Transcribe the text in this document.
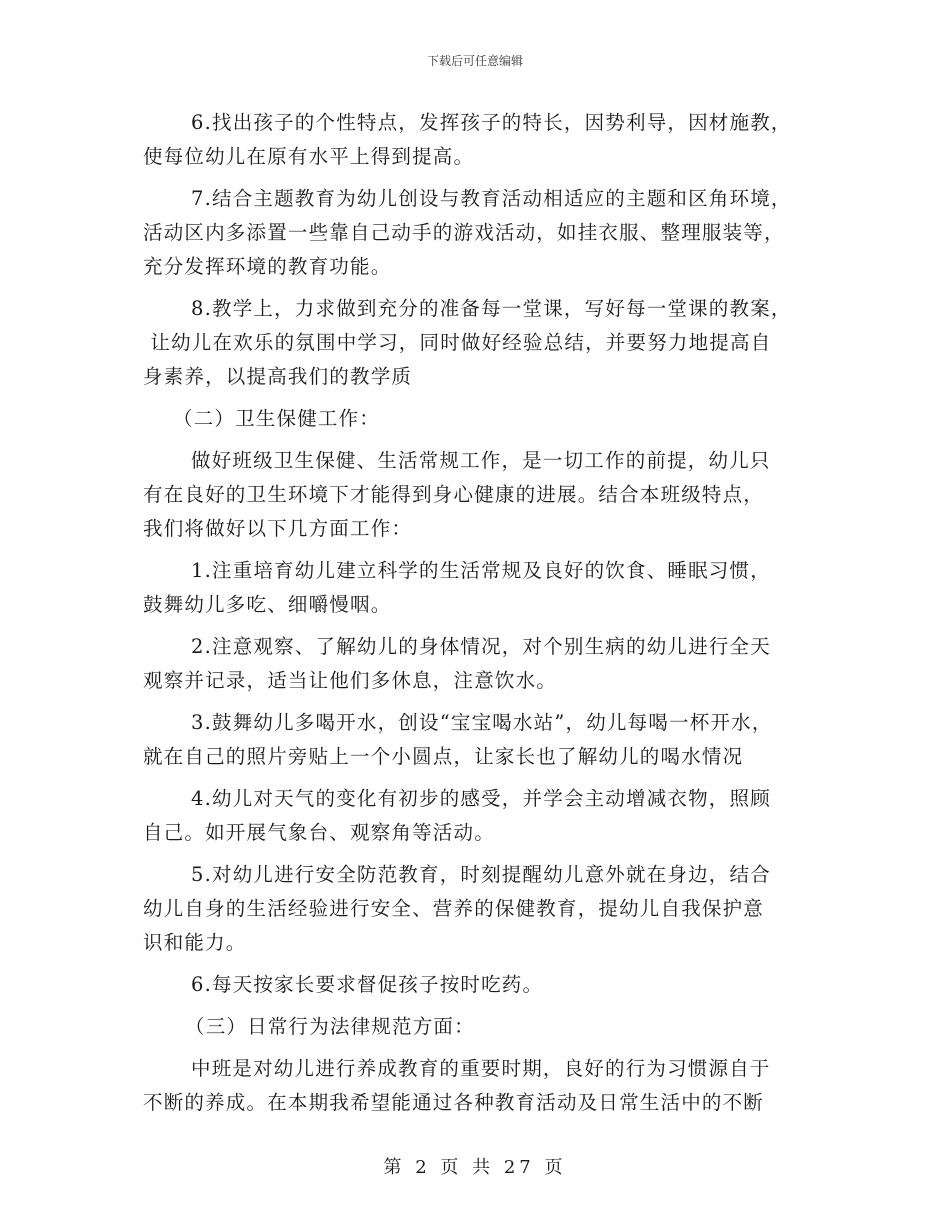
下载后可任意编辑
6.找出孩子的个性特点，发挥孩子的特长，因势利导，因材施教，
使每位幼儿在原有水平上得到提高。
7.结合主题教育为幼儿创设与教育活动相适应的主题和区角环境，
活动区内多添置一些靠自己动手的游戏活动，如挂衣服、整理服装等，
充分发挥环境的教育功能。
8.教学上，力求做到充分的准备每一堂课，写好每一堂课的教案，
让幼儿在欢乐的氛围中学习，同时做好经验总结，并要努力地提高自
身素养，以提高我们的教学质
（二）卫生保健工作：
做好班级卫生保健、生活常规工作，是一切工作的前提，幼儿只
有在良好的卫生环境下才能得到身心健康的进展。结合本班级特点，
我们将做好以下几方面工作：
1.注重培育幼儿建立科学的生活常规及良好的饮食、睡眠习惯，
鼓舞幼儿多吃、细嚼慢咽。
2.注意观察、了解幼儿的身体情况，对个别生病的幼儿进行全天
观察并记录，适当让他们多休息，注意饮水。
3.鼓舞幼儿多喝开水，创设“宝宝喝水站”，幼儿每喝一杯开水，
就在自己的照片旁贴上一个小圆点，让家长也了解幼儿的喝水情况
4.幼儿对天气的变化有初步的感受，并学会主动增减衣物，照顾
自己。如开展气象台、观察角等活动。
5.对幼儿进行安全防范教育，时刻提醒幼儿意外就在身边，结合
幼儿自身的生活经验进行安全、营养的保健教育，提幼儿自我保护意
识和能力。
6.每天按家长要求督促孩子按时吃药。
（三）日常行为法律规范方面：
中班是对幼儿进行养成教育的重要时期，良好的行为习惯源自于
不断的养成。在本期我希望能通过各种教育活动及日常生活中的不断
第 2 页 共 27 页
